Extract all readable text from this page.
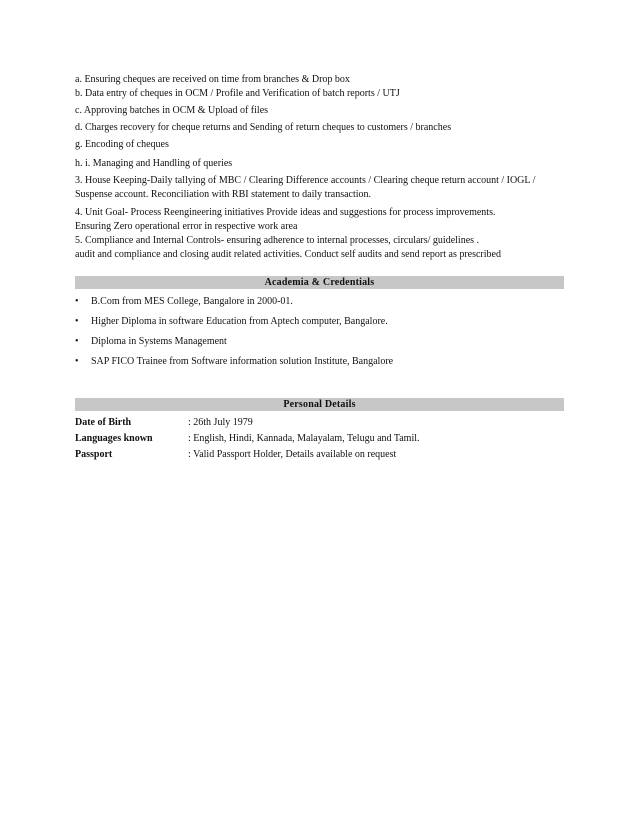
a. Ensuring cheques are received on time from branches & Drop box

b. Data entry of cheques in OCM / Profile and Verification of batch reports / UTJ

c. Approving batches in OCM & Upload of files

d. Charges recovery for cheque returns and Sending of return cheques to customers / branches

g. Encoding of cheques

h. i. Managing and Handling of queries

3. House Keeping-Daily tallying of MBC / Clearing Difference accounts / Clearing cheque return account / IOGL /

Suspense account. Reconciliation with RBI statement to daily transaction.

4. Unit Goal- Process Reengineering initiatives Provide ideas and suggestions for process improvements.

Ensuring Zero operational error in respective work area

5. Compliance and Internal Controls- ensuring adherence to internal processes, circulars/ guidelines .

audit and compliance and closing audit related activities. Conduct self audits and send report as prescribed

Academia & Credentials
• B.Com from MES College, Bangalore in 2000-01.
• Higher Diploma in software Education from Aptech computer, Bangalore.
• Diploma in Systems Management
• SAP FICO Trainee from Software information solution Institute, Bangalore
Personal Details
Date of Birth	: 26th July 1979
Languages known	: English, Hindi, Kannada, Malayalam, Telugu and Tamil.
Passport	: Valid Passport Holder, Details available on request
